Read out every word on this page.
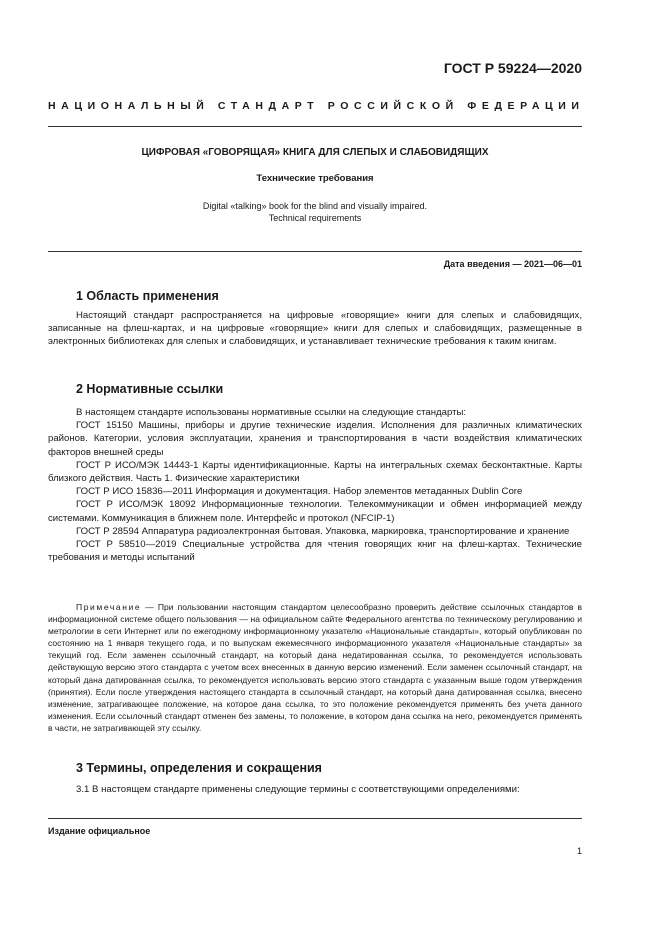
ГОСТ Р 59224—2020
НАЦИОНАЛЬНЫЙ СТАНДАРТ РОССИЙСКОЙ ФЕДЕРАЦИИ
ЦИФРОВАЯ «ГОВОРЯЩАЯ» КНИГА ДЛЯ СЛЕПЫХ И СЛАБОВИДЯЩИХ
Технические требования
Digital «talking» book for the blind and visually impaired.
Technical requirements
Дата введения — 2021—06—01
1 Область применения

Настоящий стандарт распространяется на цифровые «говорящие» книги для слепых и слабовидящих, записанные на флеш-картах, и на цифровые «говорящие» книги для слепых и слабовидящих, размещенные в электронных библиотеках для слепых и слабовидящих, и устанавливает технические требования к таким книгам.

2 Нормативные ссылки

В настоящем стандарте использованы нормативные ссылки на следующие стандарты:

ГОСТ 15150 Машины, приборы и другие технические изделия. Исполнения для различных климатических районов. Категории, условия эксплуатации, хранения и транспортирования в части воздействия климатических факторов внешней среды

ГОСТ Р ИСО/МЭК 14443-1 Карты идентификационные. Карты на интегральных схемах бесконтактные. Карты близкого действия. Часть 1. Физические характеристики

ГОСТ Р ИСО 15836—2011 Информация и документация. Набор элементов метаданных Dublin Core

ГОСТ Р ИСО/МЭК 18092 Информационные технологии. Телекоммуникации и обмен информацией между системами. Коммуникация в ближнем поле. Интерфейс и протокол (NFCIP-1)

ГОСТ Р 28594 Аппаратура радиоэлектронная бытовая. Упаковка, маркировка, транспортирование и хранение

ГОСТ Р 58510—2019 Специальные устройства для чтения говорящих книг на флеш-картах. Технические требования и методы испытаний

Примечание — При пользовании настоящим стандартом целесообразно проверить действие ссылочных стандартов в информационной системе общего пользования — на официальном сайте Федерального агентства по техническому регулированию и метрологии в сети Интернет или по ежегодному информационному указателю «Национальные стандарты», который опубликован по состоянию на 1 января текущего года, и по выпускам ежемесячного информационного указателя «Национальные стандарты» за текущий год. Если заменен ссылочный стандарт, на который дана недатированная ссылка, то рекомендуется использовать действующую версию этого стандарта с учетом всех внесенных в данную версию изменений. Если заменен ссылочный стандарт, на который дана датированная ссылка, то рекомендуется использовать версию этого стандарта с указанным выше годом утверждения (принятия). Если после утверждения настоящего стандарта в ссылочный стандарт, на который дана датированная ссылка, внесено изменение, затрагивающее положение, на которое дана ссылка, то это положение рекомендуется применять без учета данного изменения. Если ссылочный стандарт отменен без замены, то положение, в котором дана ссылка на него, рекомендуется применять в части, не затрагивающей эту ссылку.

3 Термины, определения и сокращения

3.1 В настоящем стандарте применены следующие термины с соответствующими определениями:

Издание официальное
1
